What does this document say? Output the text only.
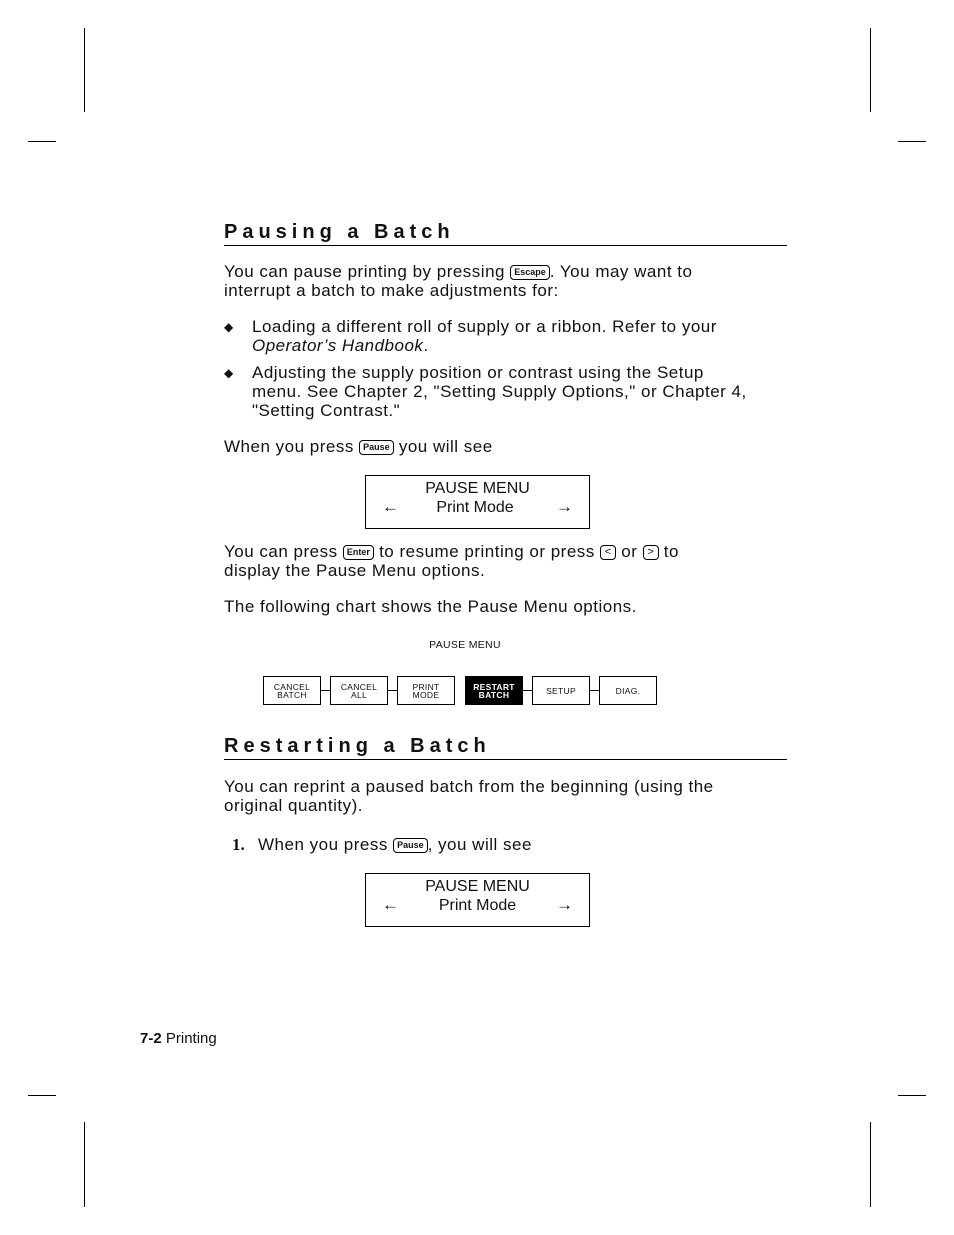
Pausing a Batch
You can pause printing by pressing Escape . You may want to
interrupt a batch to make adjustments for:
◆ Loading a different roll of supply or a ribbon. Refer to your
Operator’s Handbook.
◆ Adjusting the supply position or contrast using the Setup
menu. See Chapter 2, "Setting Supply Options," or Chapter 4,
"Setting Contrast."
When you press Pause you will see
PAUSE MENU
←	Print Mode	→
You can press Enter to resume printing or press < or > to
display the Pause Menu options.
The following chart shows the Pause Menu options.
PAUSE MENU
CANCEL
BATCH
CANCEL
ALL
PRINT
MODE
RESTART
BATCH	SETUP	DIAG.
Restarting a Batch
You can reprint a paused batch from the beginning (using the
original quantity).
1. When you press Pause , you will see
PAUSE MENU
←	Print Mode	→
7-2 Printing
